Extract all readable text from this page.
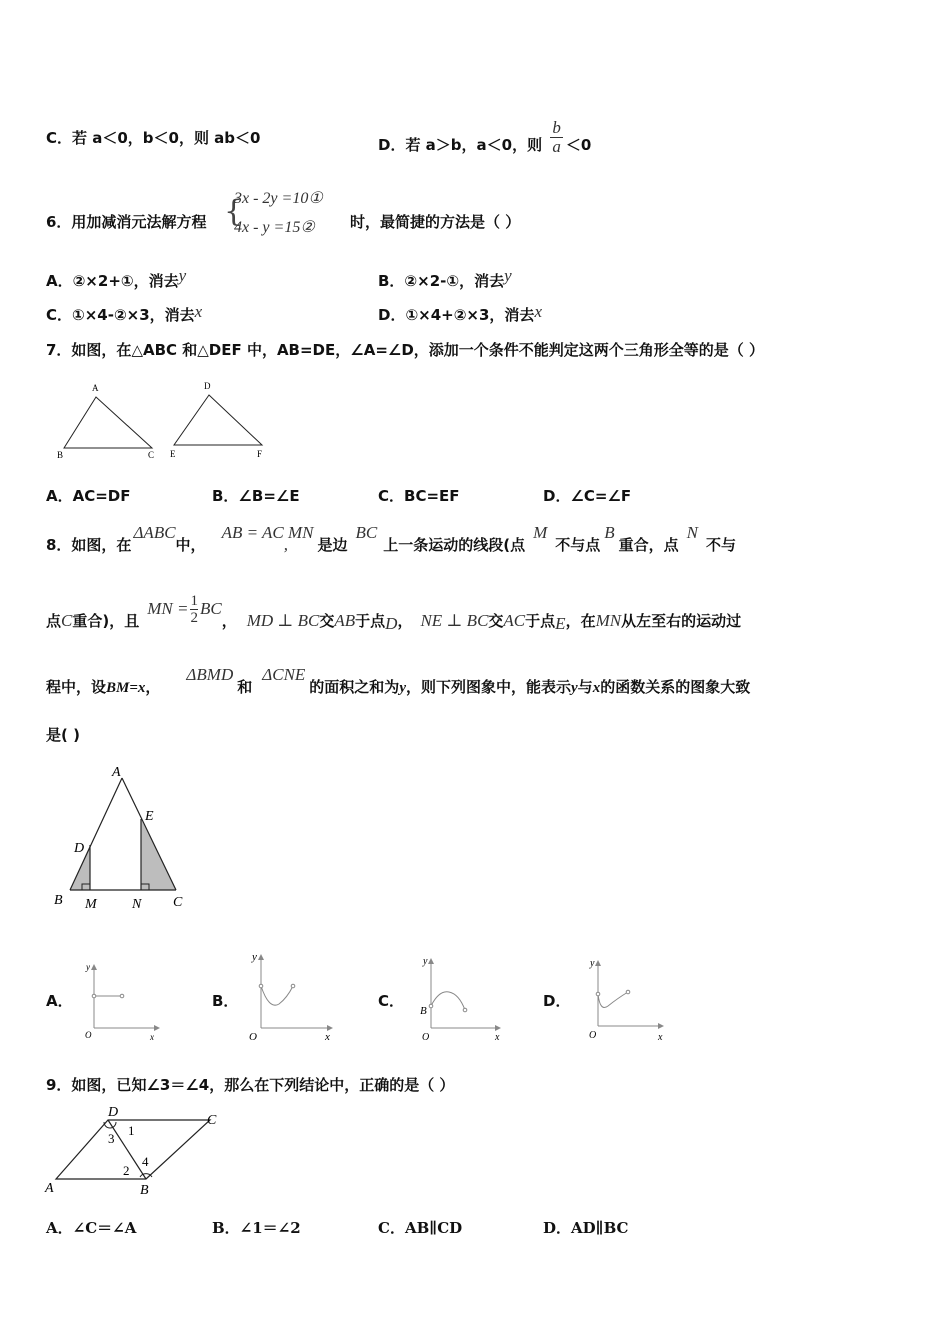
C．若 a＜0，b＜0，则 ab＜0	D．若 a＞b，a＜0，则 $\frac{b}{a} <0$
6．用加减消元法解方程 {
3x - 2y =10①
4x - y =15② 时，最简捷的方法是（ ）
A．②×2+①，消去y	B．②×2-①，消去y
C．①×4-②×3，消去x	D．①×4+②×3，消去x
7．如图，在△ABC 和△DEF 中，AB=DE，∠A=∠D，添加一个条件不能判定这两个三角形全等的是（ ）
A
B	C
D
E	F
A．AC=DF	B．∠B=∠E	C．BC=EF	D．∠C=∠F
8．如图，在ΔABC中，AB = AC,MN是边BC上一条运动的线段(点M不与点B重合，点N不与
点C重合)，且MN = $\frac{1}{2}$ BC， MD ⊥ BC交AB于点D， NE ⊥ BC交AC于点E，在MN从左至右的运动过
程中，设BM=x，ΔBMD和ΔCNE的面积之和为y，则下列图象中，能表示y与x的函数关系的图象大致
是( )
A
E
D
B M	N C
A．
y
x
O
B．
y
x
O
C．
y
x
O
B
D．
y
x
O
9．如图，已知∠3＝∠4，那么在下列结论中，正确的是（ ）
D
C
A	B
1
2
3
4
A．∠C＝∠A	B．∠1＝∠2	C．AB∥CD	D．AD∥BC
